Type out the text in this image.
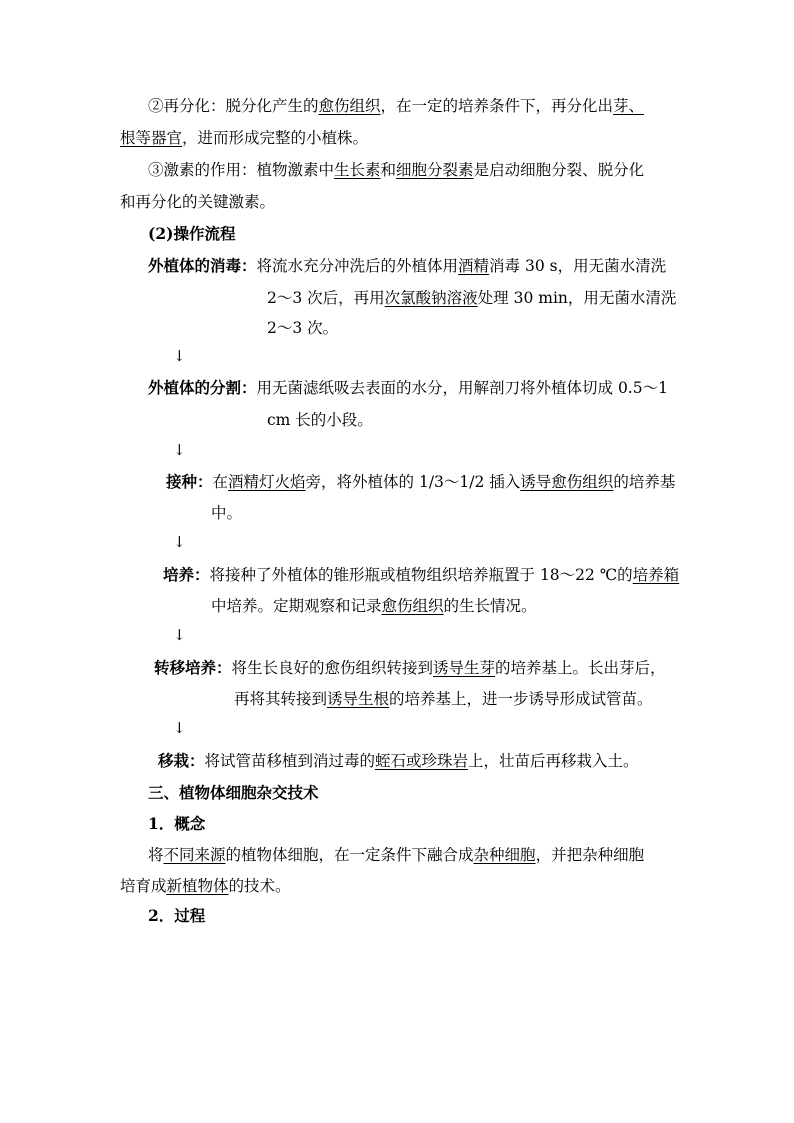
②再分化：脱分化产生的愈伤组织，在一定的培养条件下，再分化出芽、
根等器官，进而形成完整的小植株。
③激素的作用：植物激素中生长素和细胞分裂素是启动细胞分裂、脱分化
和再分化的关键激素。
(2)操作流程
外植体的消毒：将流水充分冲洗后的外植体用酒精消毒 30 s，用无菌水清洗
2～3 次后，再用次氯酸钠溶液处理 30 min，用无菌水清洗
2～3 次。
↓
外植体的分割：用无菌滤纸吸去表面的水分，用解剖刀将外植体切成 0.5～1
cm 长的小段。
↓
接种：在酒精灯火焰旁，将外植体的 1/3～1/2 插入诱导愈伤组织的培养基
中。
↓
培养：将接种了外植体的锥形瓶或植物组织培养瓶置于 18～22 ℃的培养箱
中培养。定期观察和记录愈伤组织的生长情况。
↓
转移培养：将生长良好的愈伤组织转接到诱导生芽的培养基上。长出芽后，
再将其转接到诱导生根的培养基上，进一步诱导形成试管苗。
↓
移栽：将试管苗移植到消过毒的蛭石或珍珠岩上，壮苗后再移栽入土。
三、植物体细胞杂交技术
1．概念
将不同来源的植物体细胞，在一定条件下融合成杂种细胞，并把杂种细胞
培育成新植物体的技术。
2．过程
